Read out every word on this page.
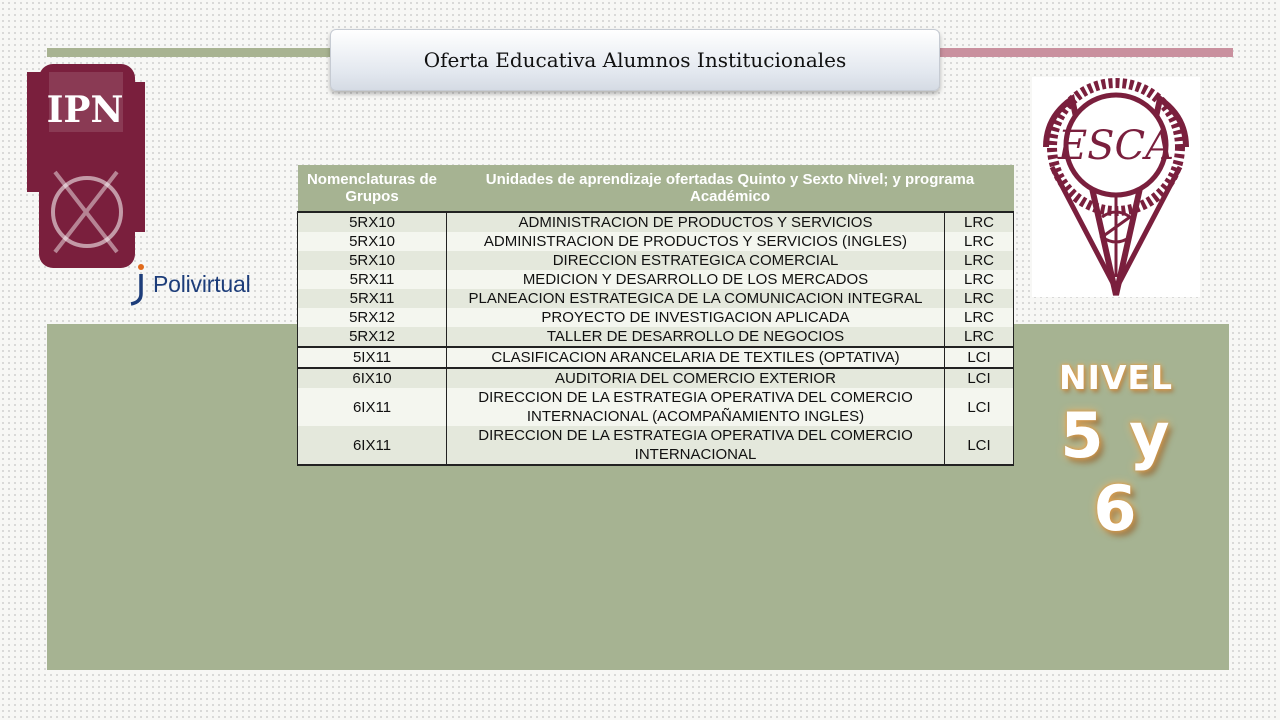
Oferta Educativa Alumnos Institucionales
IPN
Polivirtual
ESCA
Nomenclaturas de Grupos	Unidades de aprendizaje ofertadas Quinto y Sexto Nivel; y programa Académico	
5RX10	ADMINISTRACION DE PRODUCTOS Y SERVICIOS	LRC
5RX10	ADMINISTRACION DE PRODUCTOS Y SERVICIOS (INGLES)	LRC
5RX10	DIRECCION ESTRATEGICA COMERCIAL	LRC
5RX11	MEDICION Y DESARROLLO DE LOS MERCADOS	LRC
5RX11	PLANEACION ESTRATEGICA DE LA COMUNICACION INTEGRAL	LRC
5RX12	PROYECTO DE INVESTIGACION APLICADA	LRC
5RX12	TALLER DE DESARROLLO DE NEGOCIOS	LRC
5IX11	CLASIFICACION ARANCELARIA DE TEXTILES (OPTATIVA)	LCI
6IX10	AUDITORIA DEL COMERCIO EXTERIOR	LCI
6IX11	DIRECCION DE LA ESTRATEGIA OPERATIVA DEL COMERCIO INTERNACIONAL (ACOMPAÑAMIENTO INGLES)	LCI
6IX11	DIRECCION DE LA ESTRATEGIA OPERATIVA DEL COMERCIO INTERNACIONAL	LCI
NIVEL
5 y 6
